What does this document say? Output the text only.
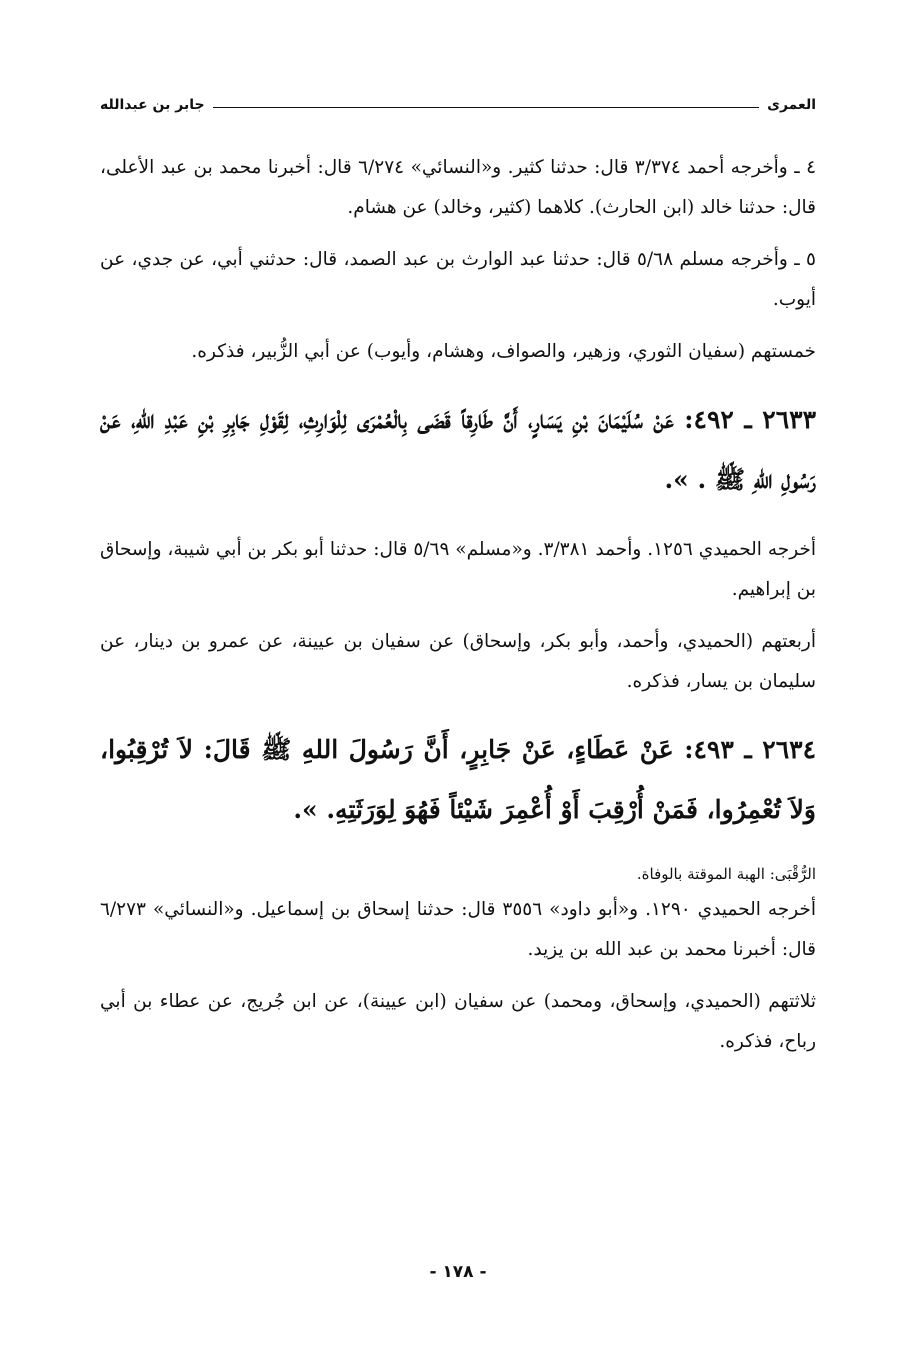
العمرى
جابر بن عبدالله

٤ ـ وأخرجه أحمد ٣/٣٧٤ قال: حدثنا كثير. و«النسائي» ٦/٢٧٤ قال: أخبرنا محمد بن عبد الأعلى، قال: حدثنا خالد (ابن الحارث). كلاهما (كثير، وخالد) عن هشام.

٥ ـ وأخرجه مسلم ٥/٦٨ قال: حدثنا عبد الوارث بن عبد الصمد، قال: حدثني أبي، عن جدي، عن أيوب.

خمستهم (سفيان الثوري، وزهير، والصواف، وهشام، وأيوب) عن أبي الزُّبير، فذكره.

٢٦٣٣ ـ ٤٩٢: عَنْ سُلَيْمَانَ بْنِ يَسَارٍ، أَنَّ طَارِقاً قَضَى بِالْعُمْرَى لِلْوَارِثِ، لِقَوْلِ جَابِرِ بْنِ عَبْدِ اللهِ، عَنْ رَسُولِ اللهِ ﷺ . ».

أخرجه الحميدي ١٢٥٦. وأحمد ٣/٣٨١. و«مسلم» ٥/٦٩ قال: حدثنا أبو بكر بن أبي شيبة، وإسحاق بن إبراهيم.

أربعتهم (الحميدي، وأحمد، وأبو بكر، وإسحاق) عن سفيان بن عيينة، عن عمرو بن دينار، عن سليمان بن يسار، فذكره.

٢٦٣٤ ـ ٤٩٣: عَنْ عَطَاءٍ، عَنْ جَابِرٍ، أَنَّ رَسُولَ اللهِ ﷺ قَالَ: لاَ تُرْقِبُوا، وَلاَ تُعْمِرُوا، فَمَنْ أُرْقِبَ أَوْ أُعْمِرَ شَيْئاً فَهُوَ لِوَرَثَتِهِ. ».

الرُّقْبَى: الهبة الموقتة بالوفاة.

أخرجه الحميدي ١٢٩٠. و«أبو داود» ٣٥٥٦ قال: حدثنا إسحاق بن إسماعيل. و«النسائي» ٦/٢٧٣ قال: أخبرنا محمد بن عبد الله بن يزيد.

ثلاثتهم (الحميدي، وإسحاق، ومحمد) عن سفيان (ابن عيينة)، عن ابن جُريج، عن عطاء بن أبي رباح، فذكره.

- ١٧٨ -
